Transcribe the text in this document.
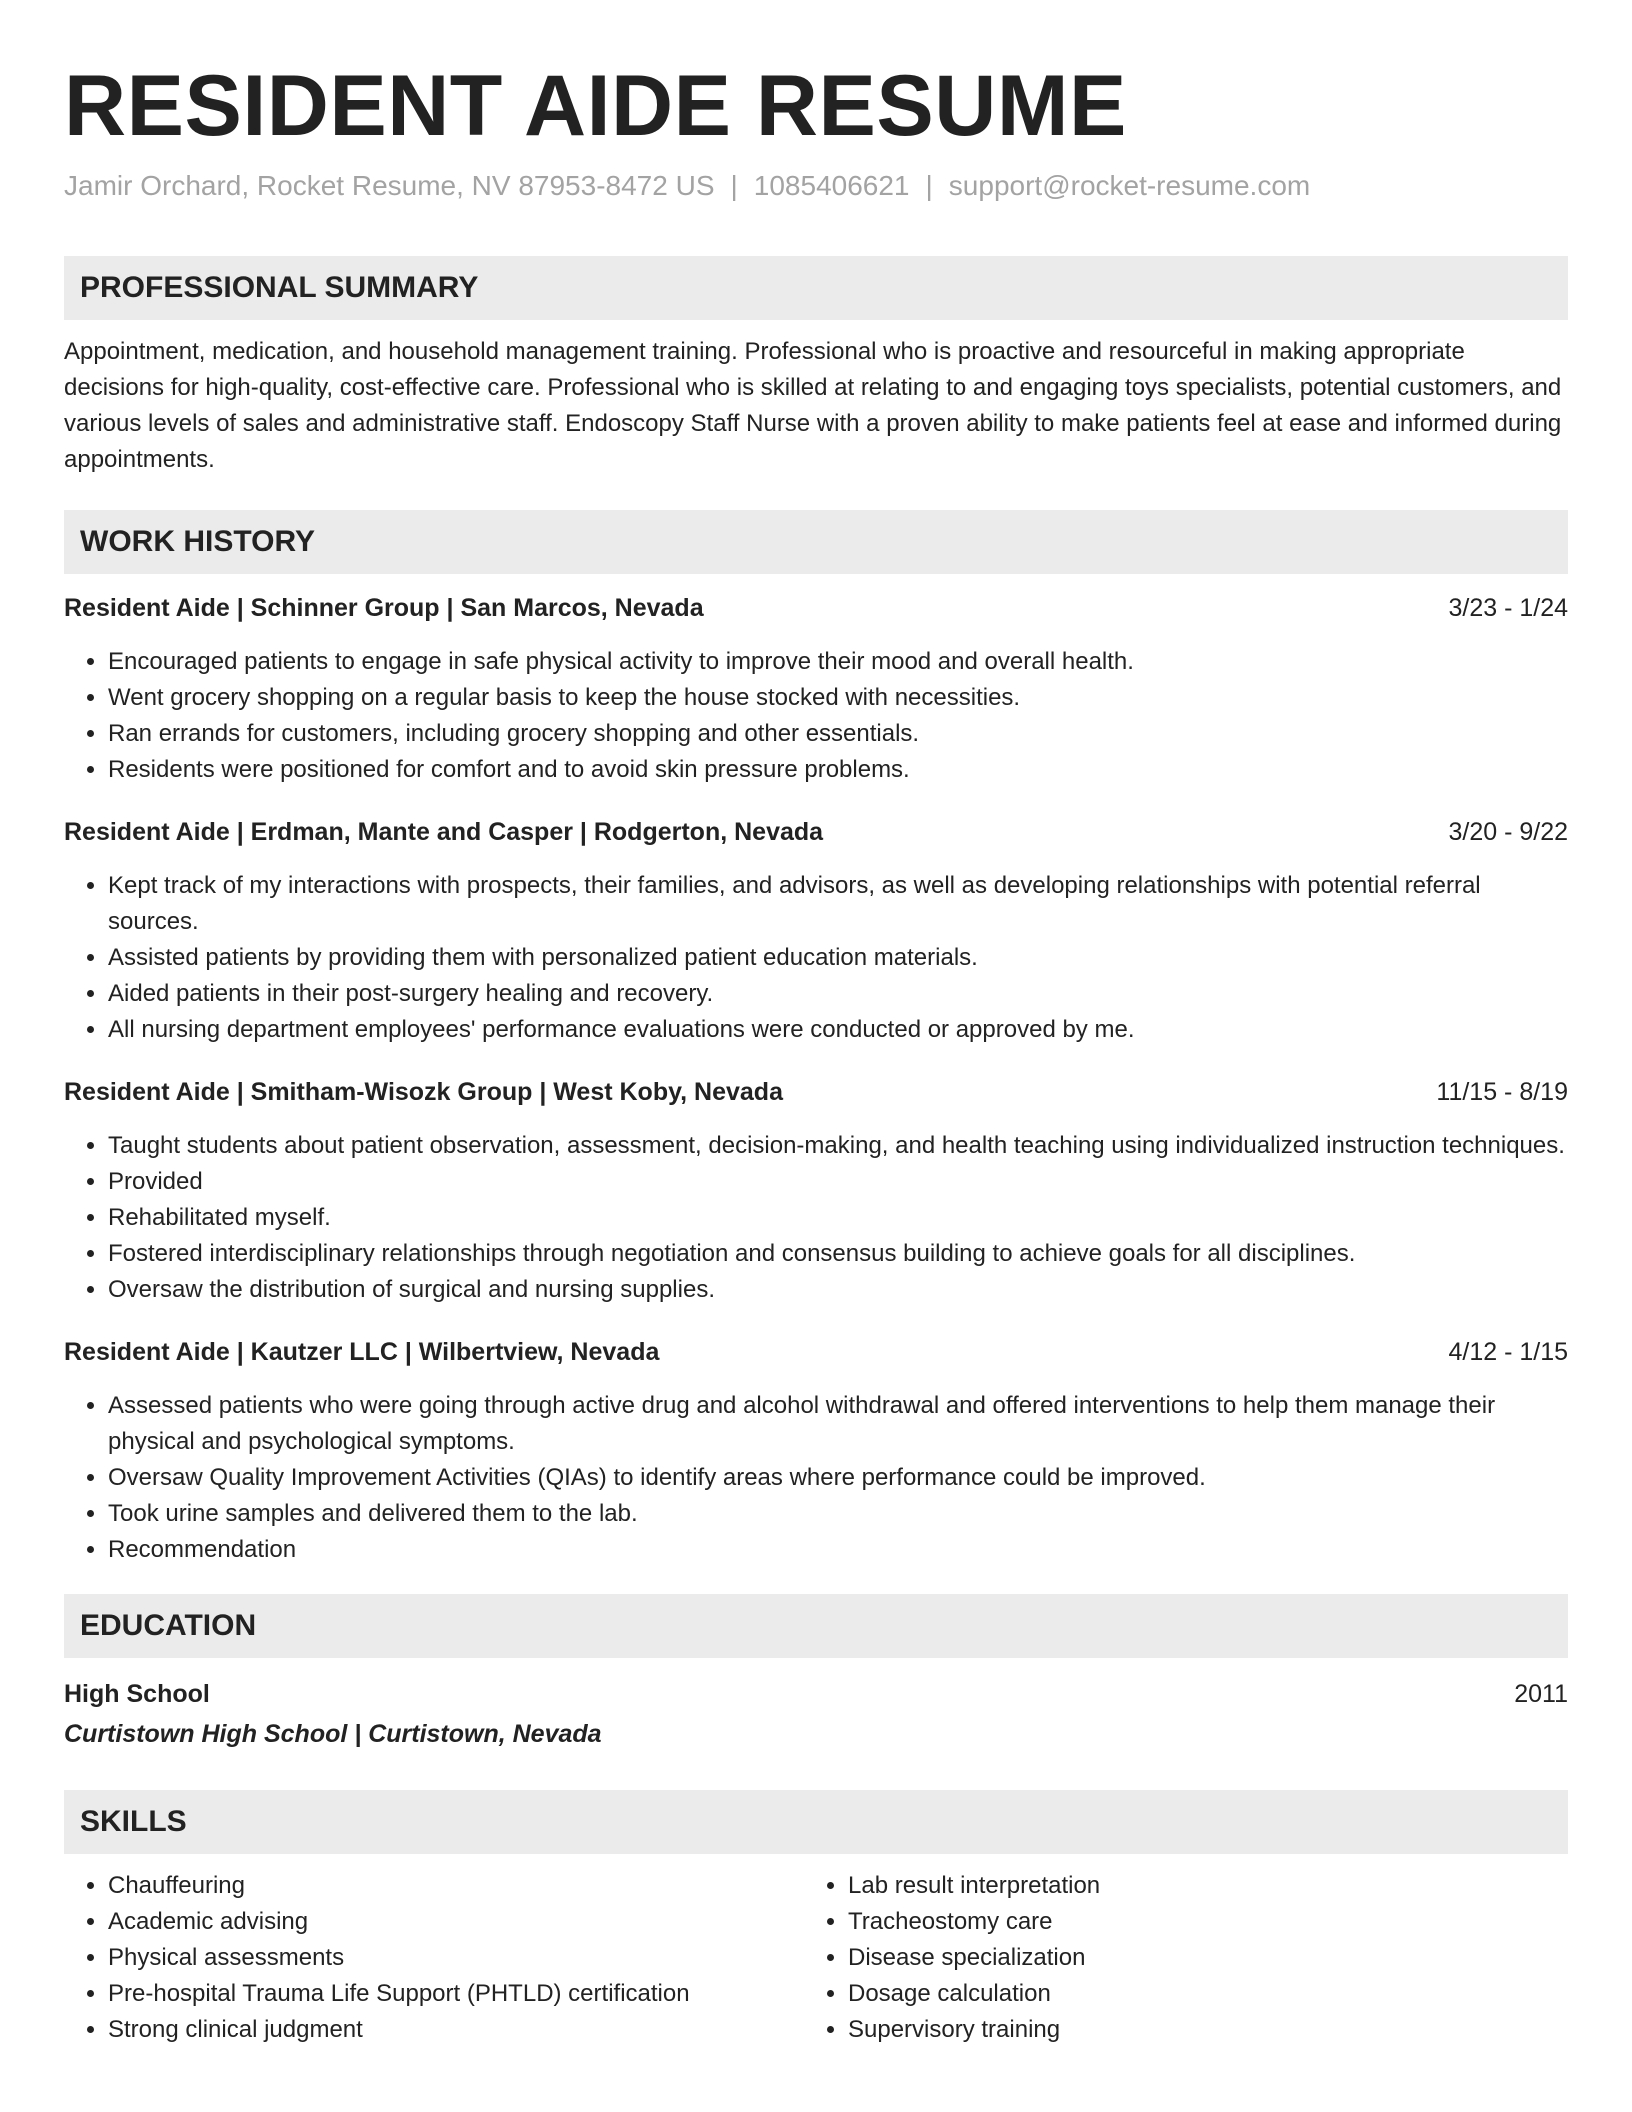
RESIDENT AIDE RESUME
Jamir Orchard, Rocket Resume, NV 87953-8472 US | 1085406621 | support@rocket-resume.com
PROFESSIONAL SUMMARY

Appointment, medication, and household management training. Professional who is proactive and resourceful in making appropriate decisions for high-quality, cost-effective care. Professional who is skilled at relating to and engaging toys specialists, potential customers, and various levels of sales and administrative staff. Endoscopy Staff Nurse with a proven ability to make patients feel at ease and informed during appointments.

WORK HISTORY
Resident Aide | Schinner Group | San Marcos, Nevada	3/23 - 1/24
• Encouraged patients to engage in safe physical activity to improve their mood and overall health.
• Went grocery shopping on a regular basis to keep the house stocked with necessities.
• Ran errands for customers, including grocery shopping and other essentials.
• Residents were positioned for comfort and to avoid skin pressure problems.
Resident Aide | Erdman, Mante and Casper | Rodgerton, Nevada	3/20 - 9/22
• Kept track of my interactions with prospects, their families, and advisors, as well as developing relationships with potential referral sources.
• Assisted patients by providing them with personalized patient education materials.
• Aided patients in their post-surgery healing and recovery.
• All nursing department employees' performance evaluations were conducted or approved by me.
Resident Aide | Smitham-Wisozk Group | West Koby, Nevada	11/15 - 8/19
• Taught students about patient observation, assessment, decision-making, and health teaching using individualized instruction techniques.
• Provided
• Rehabilitated myself.
• Fostered interdisciplinary relationships through negotiation and consensus building to achieve goals for all disciplines.
• Oversaw the distribution of surgical and nursing supplies.
Resident Aide | Kautzer LLC | Wilbertview, Nevada	4/12 - 1/15
• Assessed patients who were going through active drug and alcohol withdrawal and offered interventions to help them manage their physical and psychological symptoms.
• Oversaw Quality Improvement Activities (QIAs) to identify areas where performance could be improved.
• Took urine samples and delivered them to the lab.
• Recommendation
EDUCATION
High School	2011
Curtistown High School | Curtistown, Nevada
SKILLS
• Chauffeuring
• Academic advising
• Physical assessments
• Pre-hospital Trauma Life Support (PHTLD) certification
• Strong clinical judgment
• Lab result interpretation
• Tracheostomy care
• Disease specialization
• Dosage calculation
• Supervisory training
